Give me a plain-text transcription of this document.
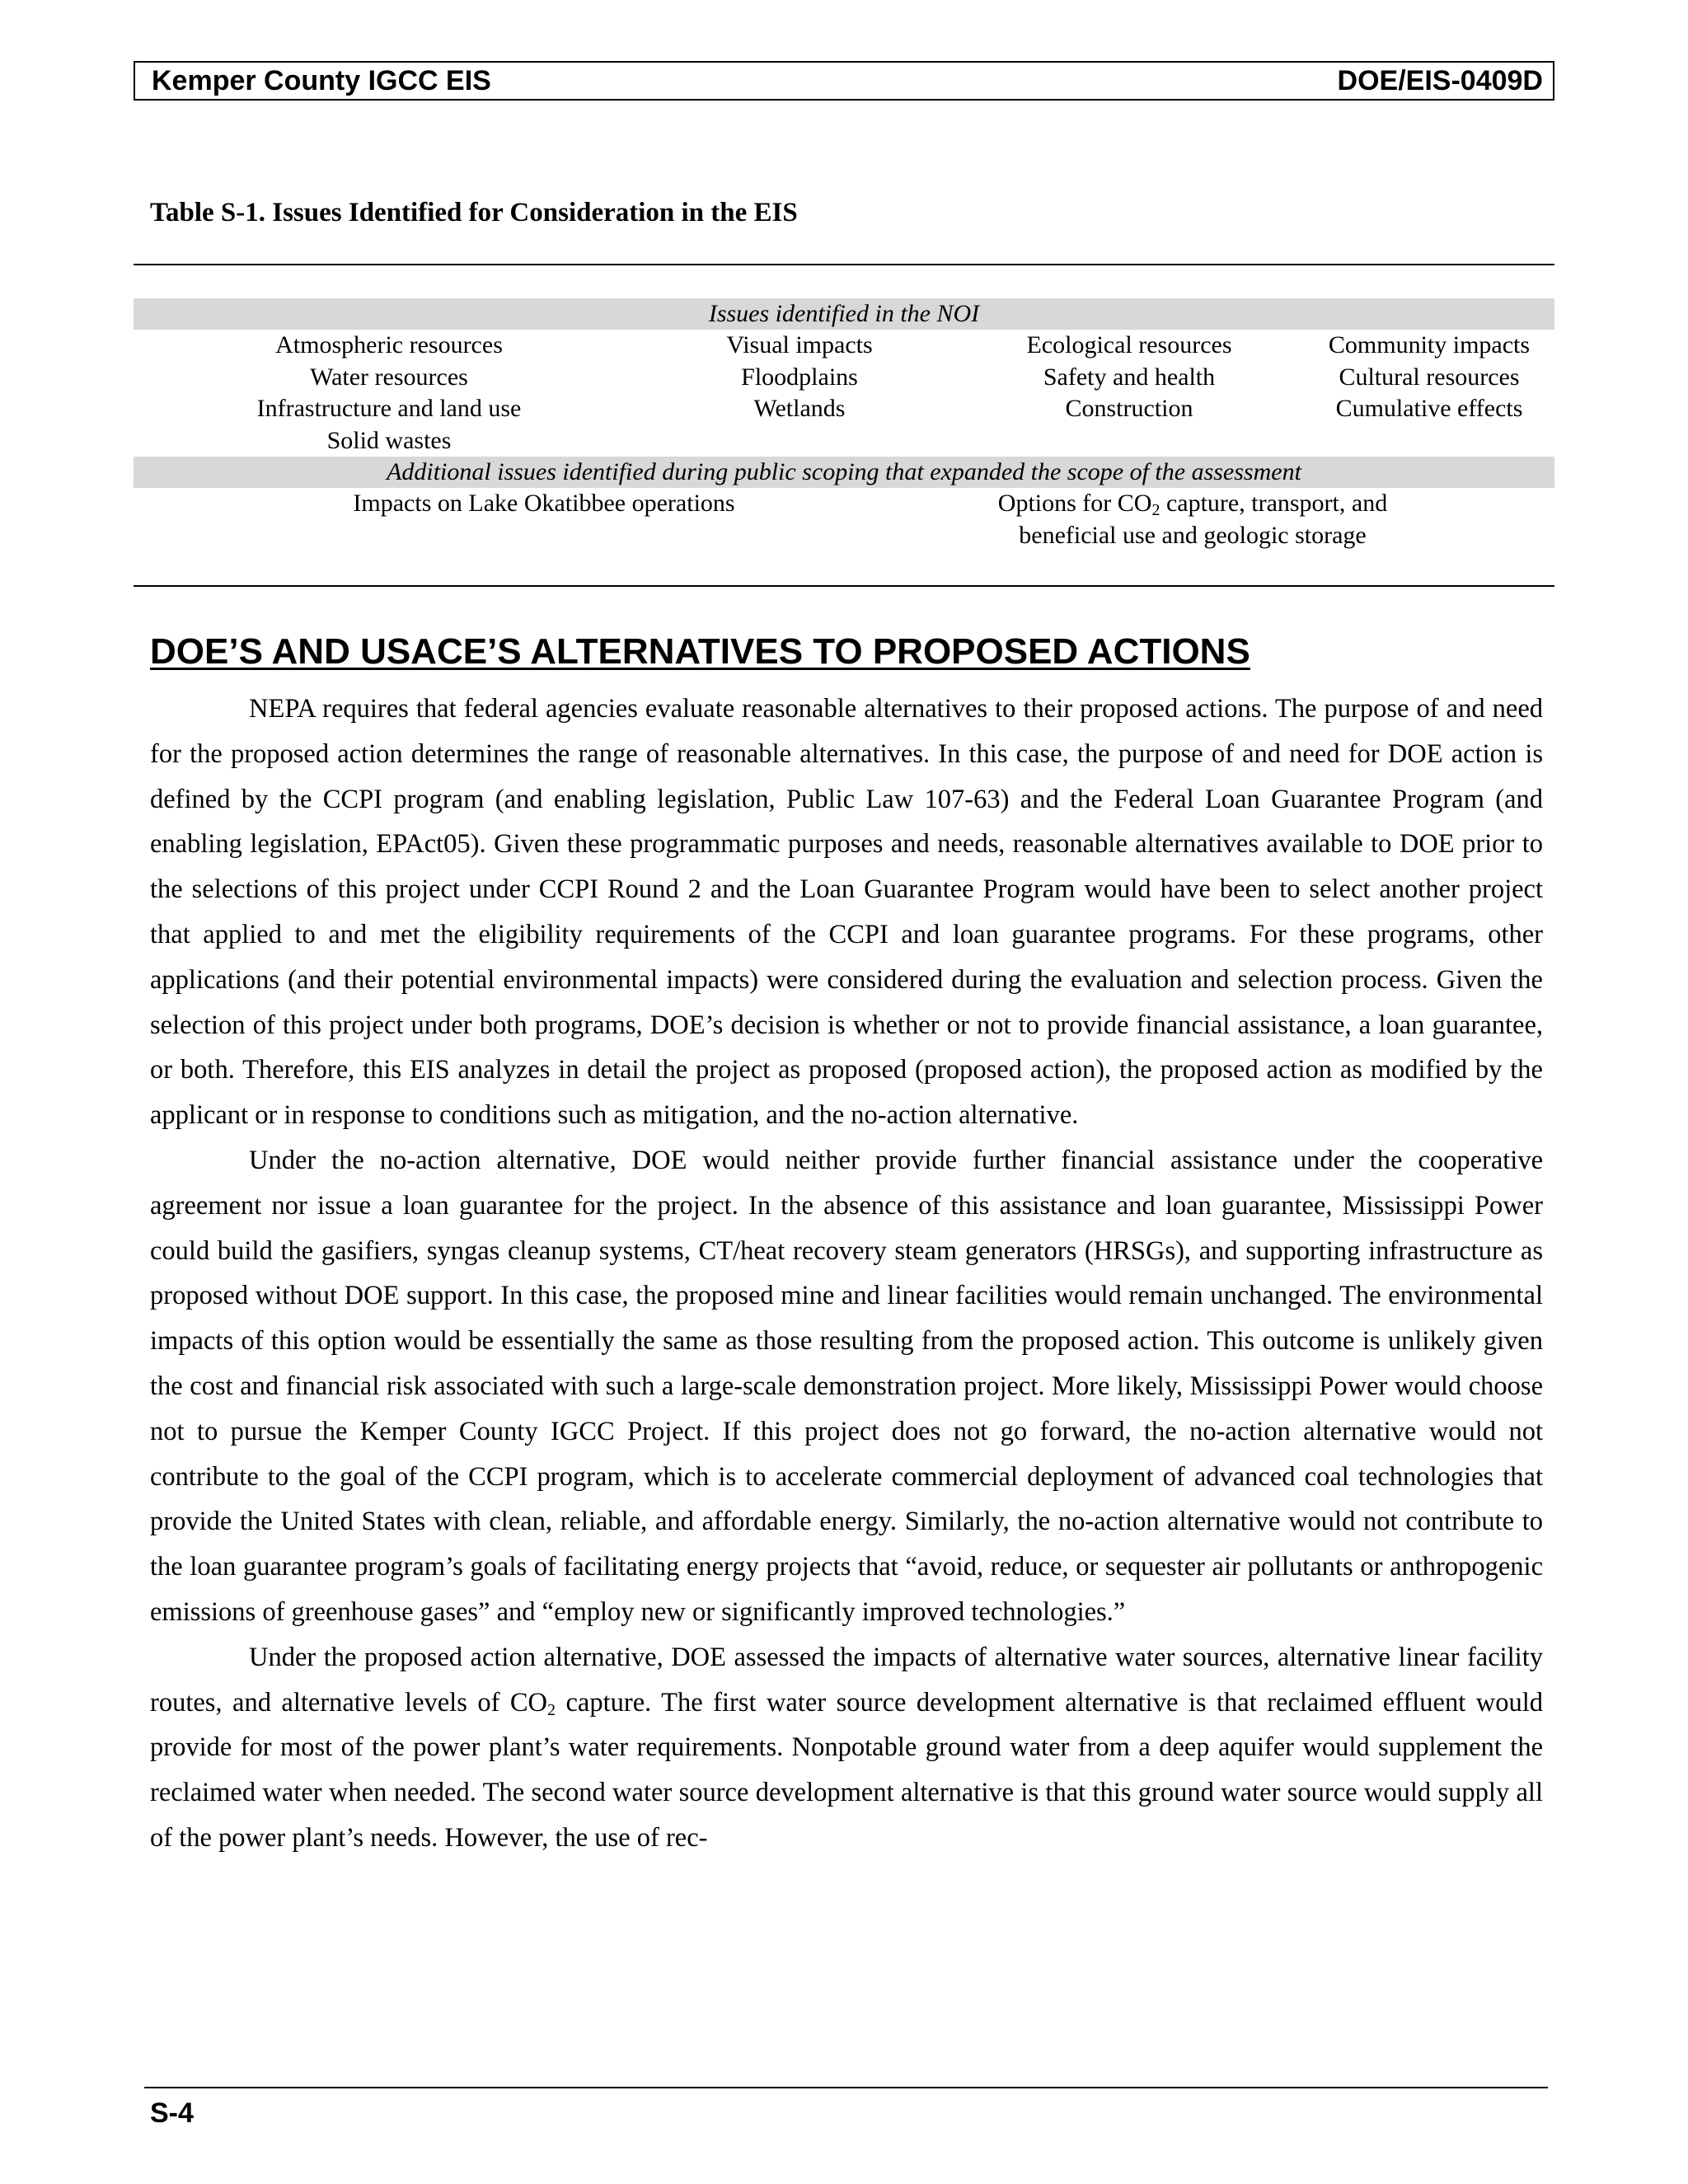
Kemper County IGCC EIS	DOE/EIS-0409D
Table S-1. Issues Identified for Consideration in the EIS
Issues identified in the NOI
Atmospheric resources	Visual impacts	Ecological resources	Community impacts
Water resources	Floodplains	Safety and health	Cultural resources
Infrastructure and land use	Wetlands	Construction	Cumulative effects
Solid wastes
Additional issues identified during public scoping that expanded the scope of the assessment
Impacts on Lake Okatibbee operations	Options for $CO_2$ capture, transport, and
beneficial use and geologic storage
DOE’S AND USACE’S ALTERNATIVES TO PROPOSED ACTIONS

NEPA requires that federal agencies evaluate reasonable alternatives to their proposed actions. The purpose of and need for the proposed action determines the range of reasonable alternatives. In this case, the purpose of and need for DOE action is defined by the CCPI program (and enabling legislation, Public Law 107-63) and the Federal Loan Guarantee Program (and enabling legislation, EPAct05). Given these programmatic purposes and needs, reasonable alternatives available to DOE prior to the selections of this project under CCPI Round 2 and the Loan Guarantee Program would have been to select another project that applied to and met the eligibility requirements of the CCPI and loan guarantee programs. For these programs, other applications (and their potential environmental impacts) were considered during the evaluation and selection process. Given the selection of this project under both programs, DOE’s decision is whether or not to provide financial assistance, a loan guarantee, or both. Therefore, this EIS analyzes in detail the project as proposed (proposed action), the proposed action as modified by the applicant or in response to conditions such as mitigation, and the no-action alternative.

Under the no-action alternative, DOE would neither provide further financial assistance under the cooperative agreement nor issue a loan guarantee for the project. In the absence of this assistance and loan guarantee, Mississippi Power could build the gasifiers, syngas cleanup systems, CT/heat recovery steam generators (HRSGs), and supporting infrastructure as proposed without DOE support. In this case, the proposed mine and linear facilities would remain unchanged. The environmental impacts of this option would be essentially the same as those resulting from the proposed action. This outcome is unlikely given the cost and financial risk associated with such a large-scale demonstration project. More likely, Mississippi Power would choose not to pursue the Kemper County IGCC Project. If this project does not go forward, the no-action alternative would not contribute to the goal of the CCPI program, which is to accelerate commercial deployment of advanced coal technologies that provide the United States with clean, reliable, and affordable energy. Similarly, the no-action alternative would not contribute to the loan guarantee program’s goals of facilitating energy projects that “avoid, reduce, or sequester air pollutants or anthropogenic emissions of greenhouse gases” and “employ new or significantly improved technologies.”

Under the proposed action alternative, DOE assessed the impacts of alternative water sources, alternative linear facility routes, and alternative levels of $CO_2$ capture. The first water source development alternative is that reclaimed effluent would provide for most of the power plant’s water requirements. Nonpotable ground water from a deep aquifer would supplement the reclaimed water when needed. The second water source development alternative is that this ground water source would supply all of the power plant’s needs. However, the use of rec-

S-4
